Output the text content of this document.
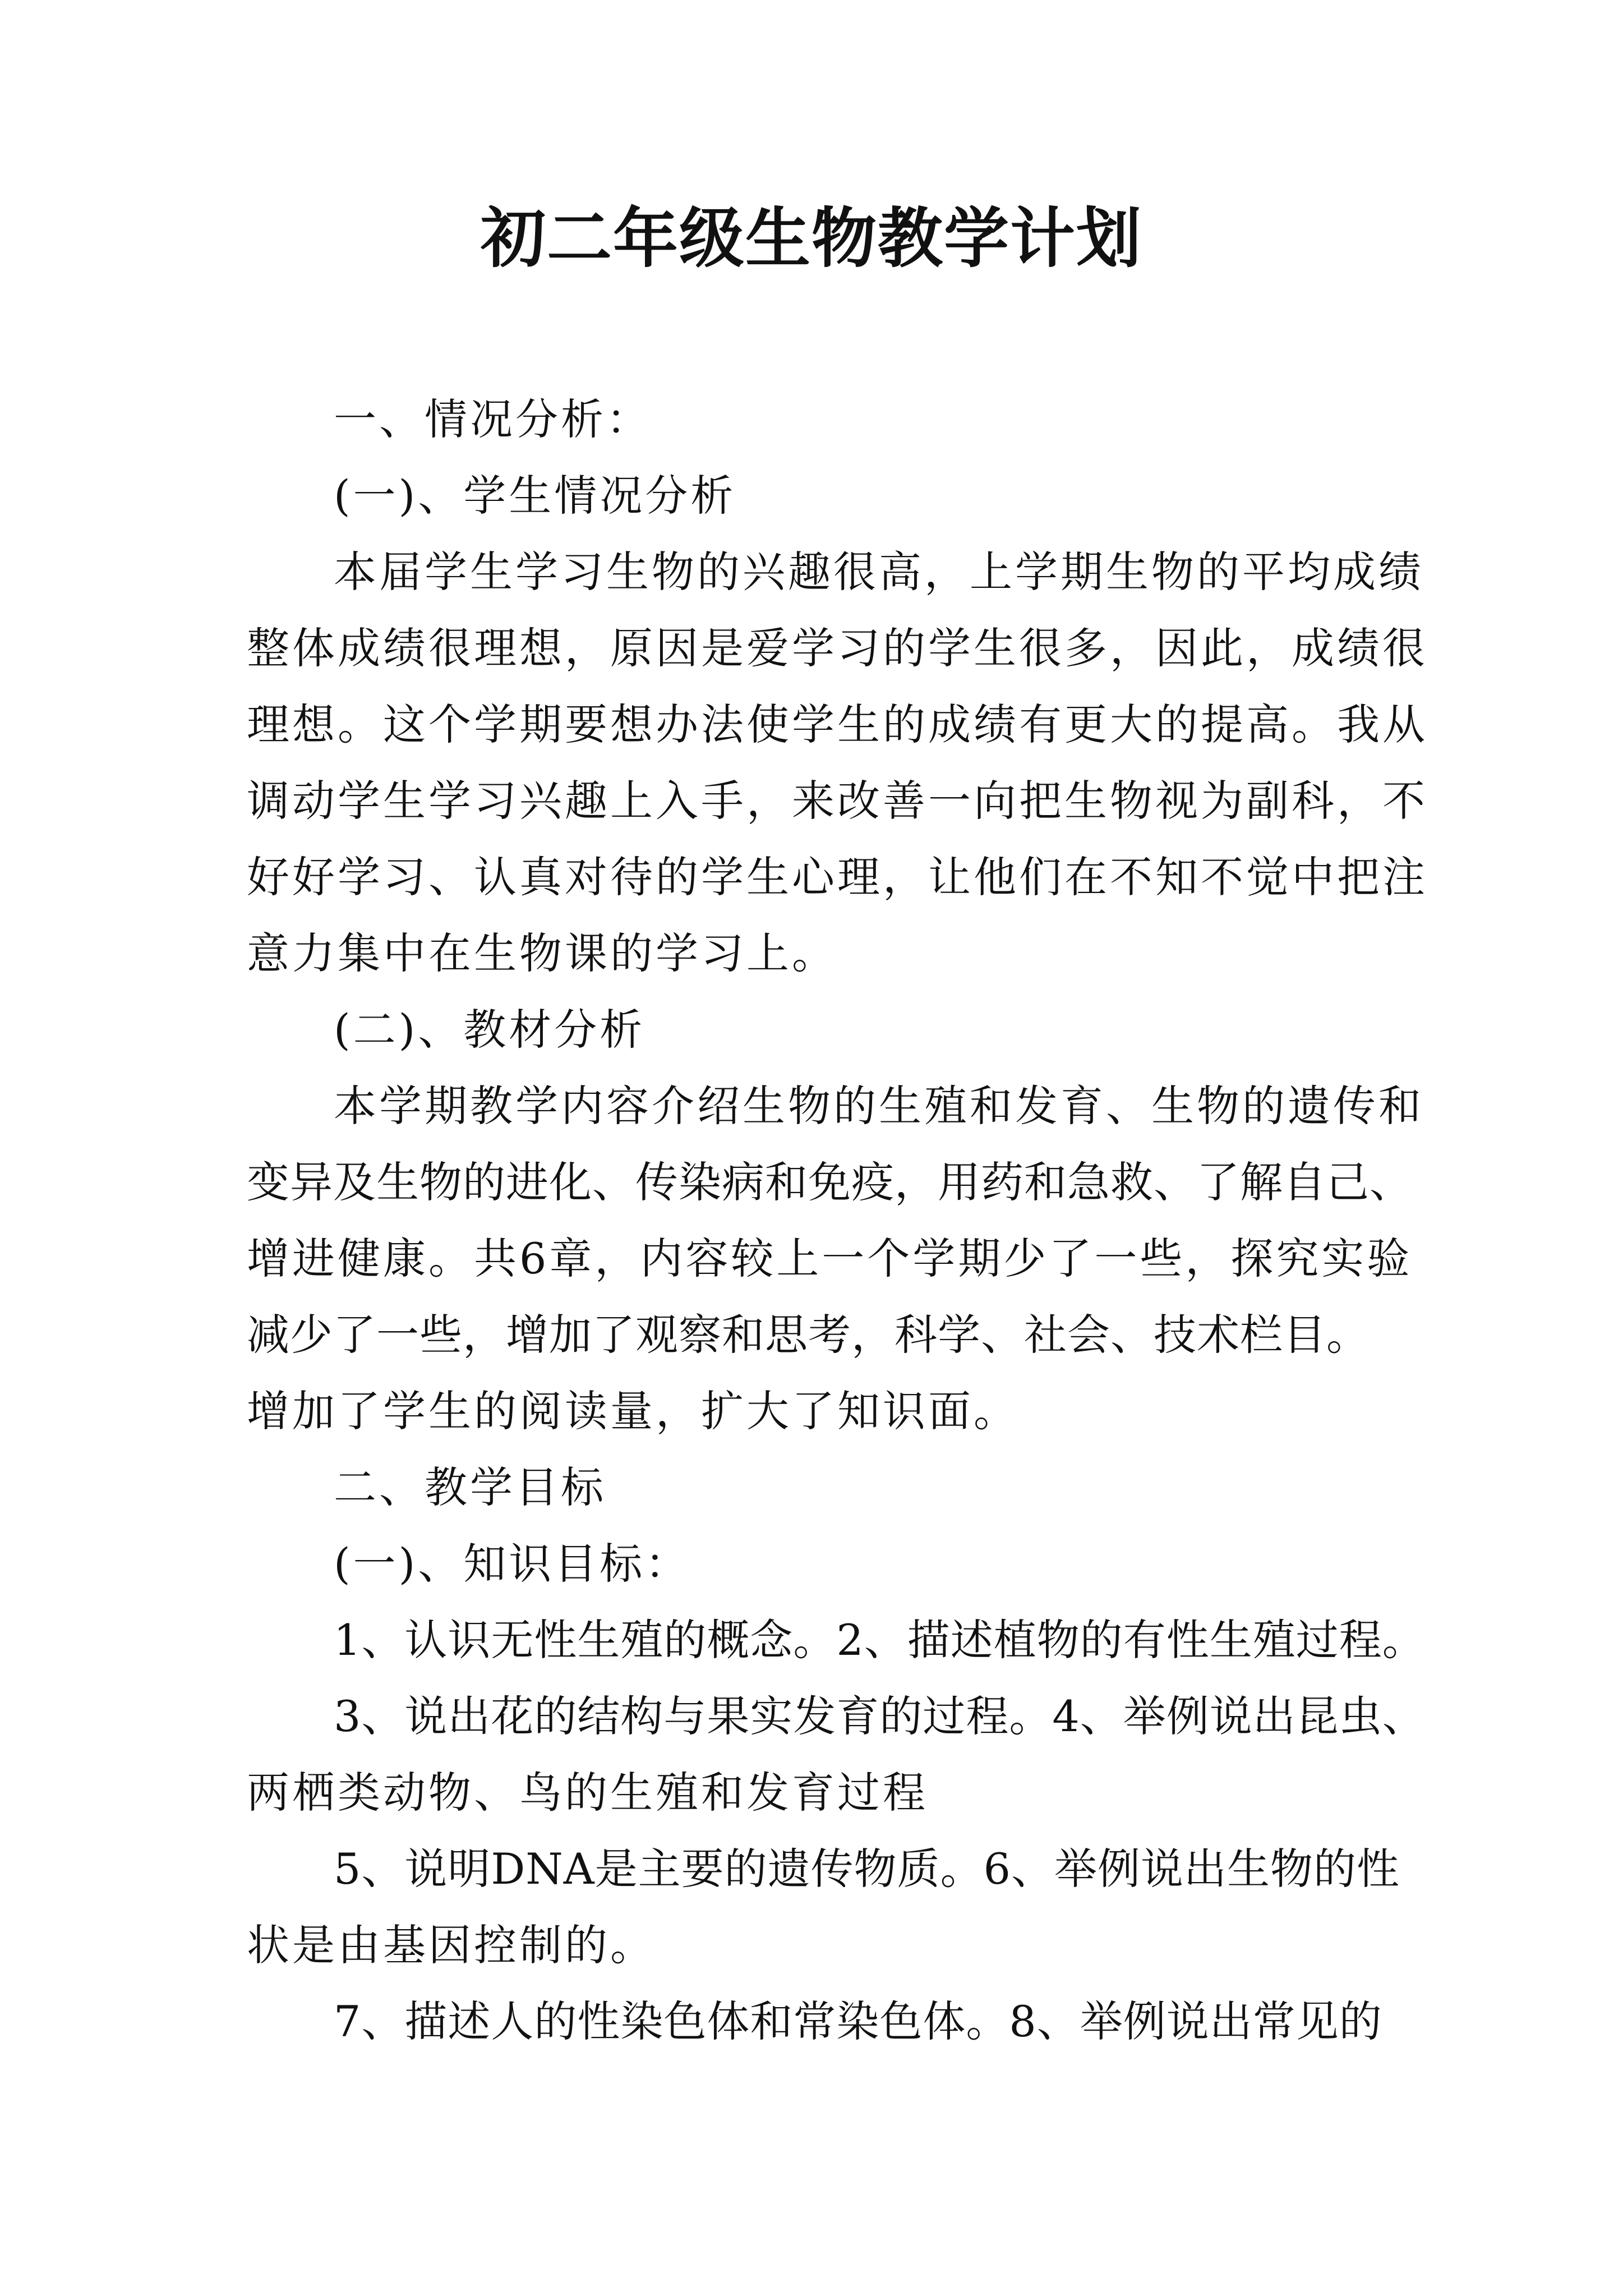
初二年级生物教学计划
一、情况分析：
(一)、学生情况分析
本届学生学习生物的兴趣很高，上学期生物的平均成绩
整体成绩很理想，原因是爱学习的学生很多，因此，成绩很
理想。这个学期要想办法使学生的成绩有更大的提高。我从
调动学生学习兴趣上入手，来改善一向把生物视为副科，不
好好学习、认真对待的学生心理，让他们在不知不觉中把注
意力集中在生物课的学习上。
(二)、教材分析
本学期教学内容介绍生物的生殖和发育、生物的遗传和
变异及生物的进化、传染病和免疫，用药和急救、了解自己、
增进健康。共6章，内容较上一个学期少了一些，探究实验
减少了一些，增加了观察和思考，科学、社会、技术栏目。
增加了学生的阅读量，扩大了知识面。
二、教学目标
(一)、知识目标：
1、认识无性生殖的概念。2、描述植物的有性生殖过程。
3、说出花的结构与果实发育的过程。4、举例说出昆虫、
两栖类动物、鸟的生殖和发育过程
5、说明DNA是主要的遗传物质。6、举例说出生物的性
状是由基因控制的。
7、描述人的性染色体和常染色体。8、举例说出常见的
